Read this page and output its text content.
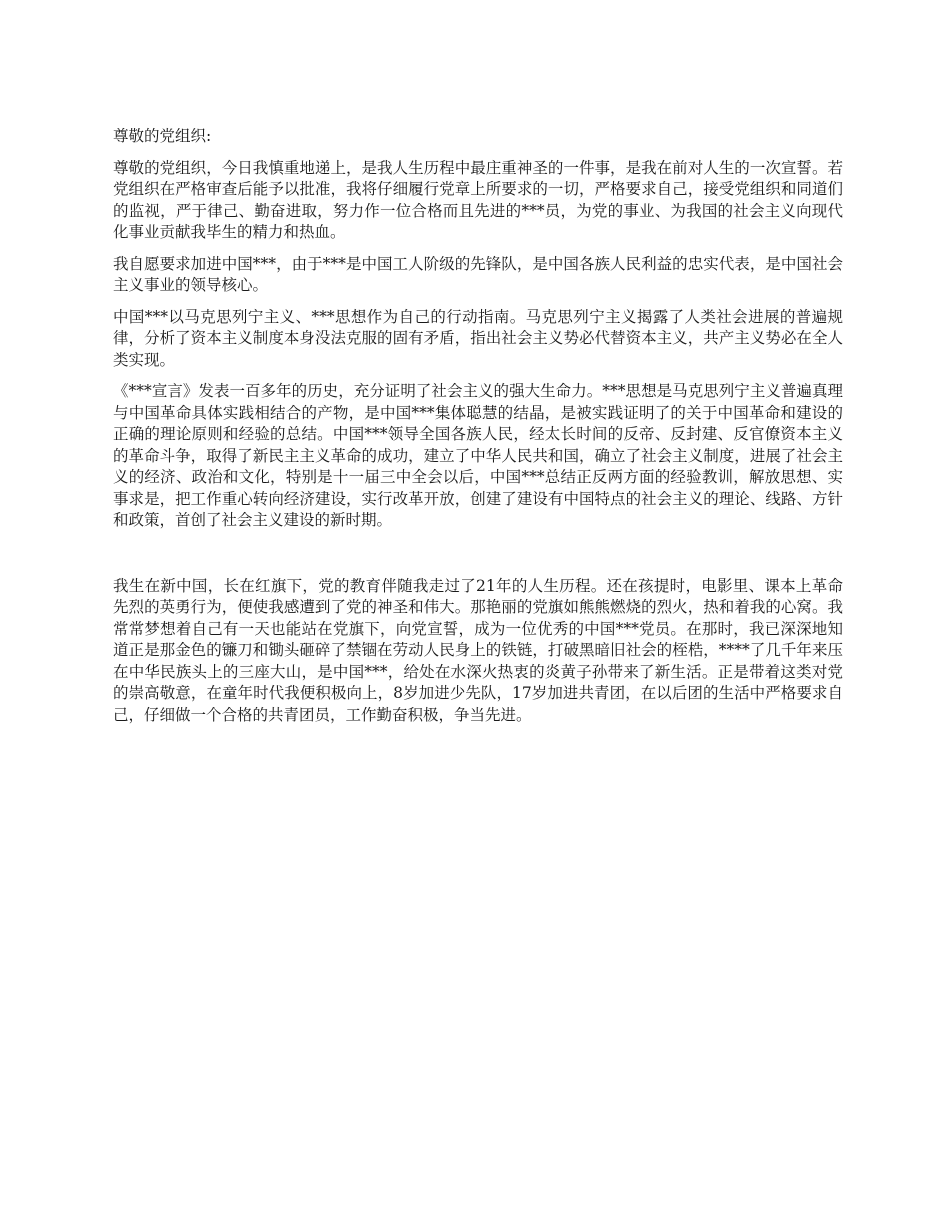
尊敬的党组织:

尊敬的党组织，今日我慎重地递上，是我人生历程中最庄重神圣的一件事，是我在前对人生的一次宣誓。若党组织在严格审查后能予以批准，我将仔细履行党章上所要求的一切，严格要求自己，接受党组织和同道们的监视，严于律己、勤奋进取，努力作一位合格而且先进的***员，为党的事业、为我国的社会主义向现代化事业贡献我毕生的精力和热血。

我自愿要求加进中国***，由于***是中国工人阶级的先锋队，是中国各族人民利益的忠实代表，是中国社会主义事业的领导核心。

中国***以马克思列宁主义、***思想作为自己的行动指南。马克思列宁主义揭露了人类社会进展的普遍规律，分析了资本主义制度本身没法克服的固有矛盾，指出社会主义势必代替资本主义，共产主义势必在全人类实现。

《***宣言》发表一百多年的历史，充分证明了社会主义的强大生命力。***思想是马克思列宁主义普遍真理与中国革命具体实践相结合的产物，是中国***集体聪慧的结晶，是被实践证明了的关于中国革命和建设的正确的理论原则和经验的总结。中国***领导全国各族人民，经太长时间的反帝、反封建、反官僚资本主义的革命斗争，取得了新民主主义革命的成功，建立了中华人民共和国，确立了社会主义制度，进展了社会主义的经济、政治和文化，特别是十一届三中全会以后，中国***总结正反两方面的经验教训，解放思想、实事求是，把工作重心转向经济建设，实行改革开放，创建了建设有中国特点的社会主义的理论、线路、方针和政策，首创了社会主义建设的新时期。

我生在新中国，长在红旗下，党的教育伴随我走过了21年的人生历程。还在孩提时，电影里、课本上革命先烈的英勇行为，便使我感遭到了党的神圣和伟大。那艳丽的党旗如熊熊燃烧的烈火，热和着我的心窝。我常常梦想着自己有一天也能站在党旗下，向党宣誓，成为一位优秀的中国***党员。在那时，我已深深地知道正是那金色的镰刀和锄头砸碎了禁锢在劳动人民身上的铁链，打破黑暗旧社会的桎梏，****了几千年来压在中华民族头上的三座大山，是中国***，给处在水深火热衷的炎黄子孙带来了新生活。正是带着这类对党的崇高敬意，在童年时代我便积极向上，8岁加进少先队，17岁加进共青团，在以后团的生活中严格要求自己，仔细做一个合格的共青团员，工作勤奋积极，争当先进。
